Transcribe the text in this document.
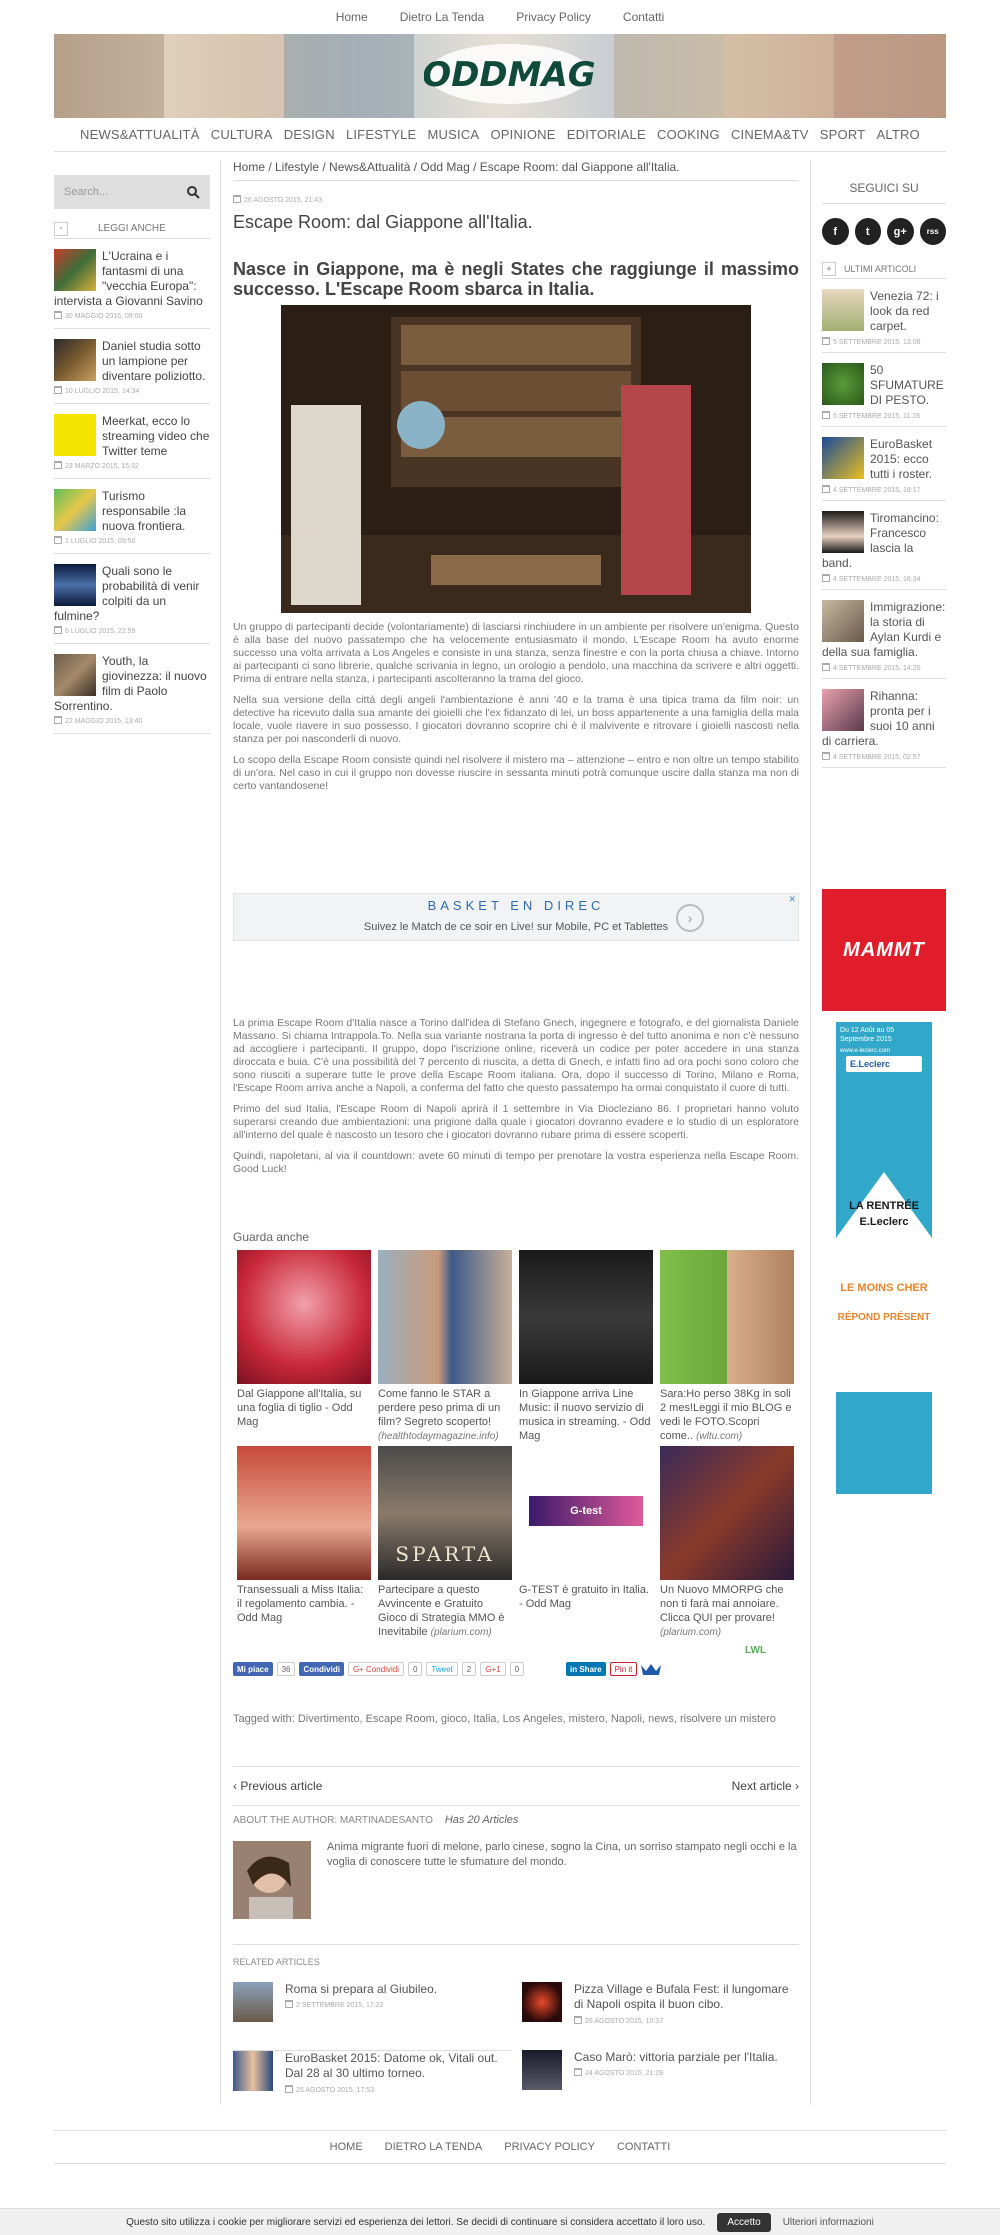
Home	Dietro La Tenda	Privacy Policy	Contatti
ODDMAG
NEWS&ATTUALITÀ CULTURA DESIGN LIFESTYLE MUSICA OPINIONE EDITORIALE COOKING CINEMA&TV SPORT ALTRO
Search...
-	LEGGI ANCHE
L'Ucraina e i fantasmi di una "vecchia Europa": intervista a Giovanni Savino
30 MAGGIO 2016, 09:00
Daniel studia sotto un lampione per diventare poliziotto.
10 LUGLIO 2015, 14:34
Meerkat, ecco lo streaming video che Twitter teme
23 MARZO 2015, 15:32
Turismo responsabile :la nuova frontiera.
1 LUGLIO 2015, 09:50
Quali sono le probabilità di venir colpiti da un fulmine?
6 LUGLIO 2015, 22:59
Youth, la giovinezza: il nuovo film di Paolo Sorrentino.
22 MAGGIO 2015, 13:40
Home / Lifestyle / News&Attualità / Odd Mag / Escape Room: dal Giappone all'Italia.
26 AGOSTO 2015, 21:43
Escape Room: dal Giappone all'Italia.
Nasce in Giappone, ma è negli States che raggiunge il massimo successo. L'Escape Room sbarca in Italia.

Un gruppo di partecipanti decide (volontariamente) di lasciarsi rinchiudere in un ambiente per risolvere un'enigma. Questo è alla base del nuovo passatempo che ha velocemente entusiasmato il mondo. L'Escape Room ha avuto enorme successo una volta arrivata a Los Angeles e consiste in una stanza, senza finestre e con la porta chiusa a chiave. Intorno ai partecipanti ci sono librerie, qualche scrivania in legno, un orologio a pendolo, una macchina da scrivere e altri oggetti. Prima di entrare nella stanza, i partecipanti ascolteranno la trama del gioco.

Nella sua versione della città degli angeli l'ambientazione è anni '40 e la trama è una tipica trama da film noir: un detective ha ricevuto dalla sua amante dei gioielli che l'ex fidanzato di lei, un boss appartenente a una famiglia della mala locale, vuole riavere in suo possesso. I giocatori dovranno scoprire chi è il malvivente e ritrovare i gioielli nascosti nella stanza per poi nasconderli di nuovo.

Lo scopo della Escape Room consiste quindi nel risolvere il mistero ma – attenzione – entro e non oltre un tempo stabilito di un'ora. Nel caso in cui il gruppo non dovesse riuscire in sessanta minuti potrà comunque uscire dalla stanza ma non di certo vantandosene!

BASKET EN DIREC
Suivez le Match de ce soir en Live! sur Mobile, PC et Tablettes
›
✕

La prima Escape Room d'Italia nasce a Torino dall'idea di Stefano Gnech, ingegnere e fotografo, e del giornalista Daniele Massano. Si chiama Intrappola.To. Nella sua variante nostrana la porta di ingresso è del tutto anonima e non c'è nessuno ad accogliere i partecipanti. Il gruppo, dopo l'iscrizione online, riceverà un codice per poter accedere in una stanza diroccata e buia. C'è una possibilità del 7 percento di riuscita, a detta di Gnech, e infatti fino ad ora pochi sono coloro che sono riusciti a superare tutte le prove della Escape Room italiana. Ora, dopo il successo di Torino, Milano e Roma, l'Escape Room arriva anche a Napoli, a conferma del fatto che questo passatempo ha ormai conquistato il cuore di tutti.

Primo del sud Italia, l'Escape Room di Napoli aprirà il 1 settembre in Via Diocleziano 86. I proprietari hanno voluto superarsi creando due ambientazioni: una prigione dalla quale i giocatori dovranno evadere e lo studio di un esploratore all'interno del quale è nascosto un tesoro che i giocatori dovranno rubare prima di essere scoperti.

Quindi, napoletani, al via il countdown: avete 60 minuti di tempo per prenotare la vostra esperienza nella Escape Room. Good Luck!

Guarda anche
Dal Giappone all'Italia, su una foglia di tiglio - Odd Mag
Come fanno le STAR a perdere peso prima di un film? Segreto scoperto! (healthtodaymagazine.info)
In Giappone arriva Line Music: il nuovo servizio di musica in streaming. - Odd Mag
Sara:Ho perso 38Kg in soli 2 mes!Leggi il mio BLOG e vedi le FOTO.Scopri come.. (wltu.com)
Transessuali a Miss Italia: il regolamento cambia. - Odd Mag
SPARTA
Partecipare a questo Avvincente e Gratuito Gioco di Strategia MMO è Inevitabile (plarium.com)
G-test
G-TEST è gratuito in Italia. - Odd Mag
Un Nuovo MMORPG che non ti farà mai annoiare. Clicca QUI per provare! (plarium.com)
LWL
Mi piace	36	Condividi	G+ Condividi	0	Tweet	2	G+1	0	in Share	Pin it
Tagged with: Divertimento, Escape Room, gioco, Italia, Los Angeles, mistero, Napoli, news, risolvere un mistero
‹ Previous article	Next article ›
ABOUT THE AUTHOR: MARTINADESANTO Has 20 Articles
Anima migrante fuori di melone, parlo cinese, sogno la Cina, un sorriso stampato negli occhi e la voglia di conoscere tutte le sfumature del mondo.
RELATED ARTICLES
Roma si prepara al Giubileo.
2 SETTEMBRE 2015, 17:22
Pizza Village e Bufala Fest: il lungomare di Napoli ospita il buon cibo.
26 AGOSTO 2015, 10:37
EuroBasket 2015: Datome ok, Vitali out. Dal 28 al 30 ultimo torneo.
25 AGOSTO 2015, 17:53
Caso Marò: vittoria parziale per l'Italia.
24 AGOSTO 2015, 21:28
SEGUICI SU
f	t	g+	rss
+	ULTIMI ARTICOLI
Venezia 72: i look da red carpet.
5 SETTEMBRE 2015, 13:08
50 SFUMATURE DI PESTO.
5 SETTEMBRE 2015, 11:28
EuroBasket 2015: ecco tutti i roster.
4 SETTEMBRE 2015, 18:17
Tiromancino: Francesco lascia la band.
4 SETTEMBRE 2015, 16:34
Immigrazione: la storia di Aylan Kurdi e della sua famiglia.
4 SETTEMBRE 2015, 14:20
Rihanna: pronta per i suoi 10 anni di carriera.
4 SETTEMBRE 2015, 02:57
MAMMT
Du 12 Août au 05 Septembre 2015
www.e-leclerc.com
E.Leclerc
LA RENTRÉE
E.Leclerc
LE MOINS CHER
RÉPOND PRÉSENT
HOME DIETRO LA TENDA PRIVACY POLICY CONTATTI
Questo sito utilizza i cookie per migliorare servizi ed esperienza dei lettori. Se decidi di continuare si considera accettato il loro uso.	Accetto	Ulteriori informazioni
